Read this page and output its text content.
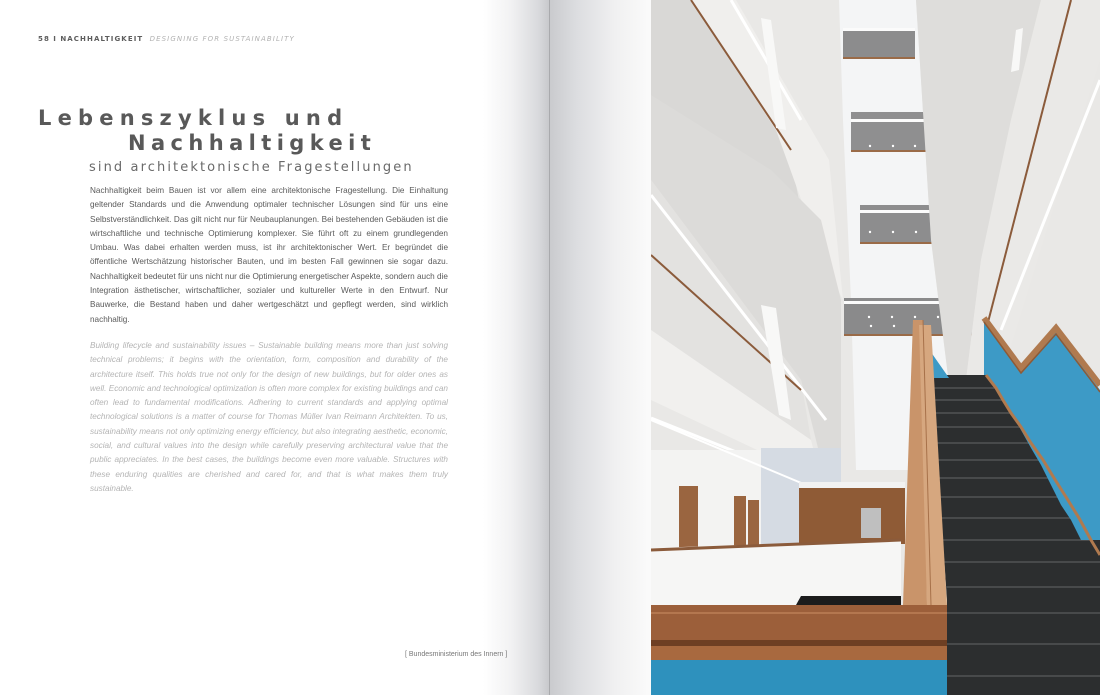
58 I NACHHALTIGKEIT DESIGNING FOR SUSTAINABILITY
Lebenszyklus und
Nachhaltigkeit
sind architektonische Fragestellungen

Nachhaltigkeit beim Bauen ist vor allem eine architektonische Fragestellung. Die Einhaltung geltender Standards und die Anwendung optimaler technischer Lösungen sind für uns eine Selbstverständlichkeit. Das gilt nicht nur für Neubauplanungen. Bei bestehenden Gebäuden ist die wirtschaftliche und technische Optimierung komplexer. Sie führt oft zu einem grundlegenden Umbau. Was dabei erhalten werden muss, ist ihr architektonischer Wert. Er begründet die öffentliche Wertschätzung historischer Bauten, und im besten Fall gewinnen sie sogar dazu. Nachhaltigkeit bedeutet für uns nicht nur die Optimierung energetischer Aspekte, sondern auch die Integration ästhetischer, wirtschaftlicher, sozialer und kultureller Werte in den Entwurf. Nur Bauwerke, die Bestand haben und daher wertgeschätzt und gepflegt werden, sind wirklich nachhaltig.

Building lifecycle and sustainability issues – Sustainable building means more than just solving technical problems; it begins with the orientation, form, composition and durability of the architecture itself. This holds true not only for the design of new buildings, but for older ones as well. Economic and technological optimization is often more complex for existing buildings and can often lead to fundamental modifications. Adhering to current standards and applying optimal technological solutions is a matter of course for Thomas Müller Ivan Reimann Architekten. To us, sustainability means not only optimizing energy efficiency, but also integrating aesthetic, economic, social, and cultural values into the design while carefully preserving architectural value that the public appreciates. In the best cases, the buildings become even more valuable. Structures with these enduring qualities are cherished and cared for, and that is what makes them truly sustainable.

[ Bundesministerium des Innern ]
